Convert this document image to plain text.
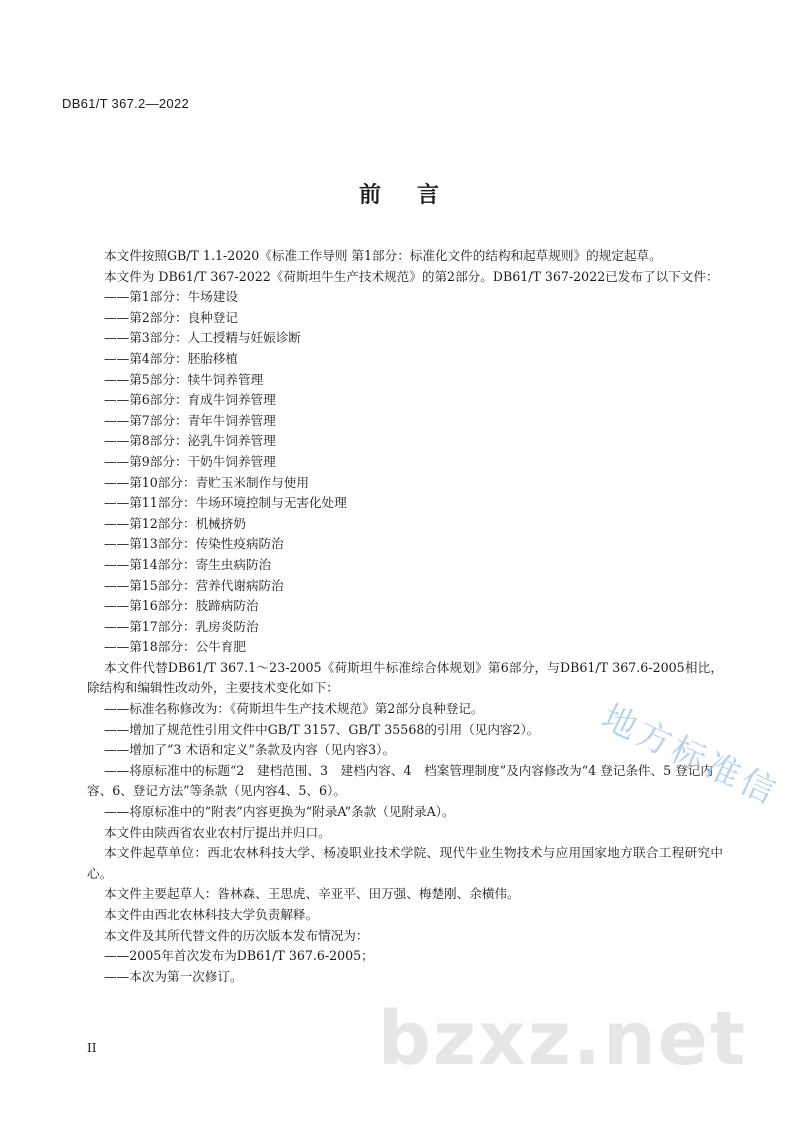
DB61/T 367.2—2022
前 言
本文件按照GB/T 1.1-2020《标准工作导则 第1部分：标准化文件的结构和起草规则》的规定起草。
本文件为 DB61/T 367-2022《荷斯坦牛生产技术规范》的第2部分。DB61/T 367-2022已发布了以下文件：
——第1部分：牛场建设
——第2部分：良种登记
——第3部分：人工授精与妊娠诊断
——第4部分：胚胎移植
——第5部分：犊牛饲养管理
——第6部分：育成牛饲养管理
——第7部分：青年牛饲养管理
——第8部分：泌乳牛饲养管理
——第9部分：干奶牛饲养管理
——第10部分：青贮玉米制作与使用
——第11部分：牛场环境控制与无害化处理
——第12部分：机械挤奶
——第13部分：传染性疫病防治
——第14部分：寄生虫病防治
——第15部分：营养代谢病防治
——第16部分：肢蹄病防治
——第17部分：乳房炎防治
——第18部分：公牛育肥
本文件代替DB61/T 367.1～23-2005《荷斯坦牛标准综合体规划》第6部分，与DB61/T 367.6-2005相比，除结构和编辑性改动外，主要技术变化如下：
——标准名称修改为：《荷斯坦牛生产技术规范》第2部分良种登记。
——增加了规范性引用文件中GB/T 3157、GB/T 35568的引用（见内容2）。
——增加了“3 术语和定义”条款及内容（见内容3）。
——将原标准中的标题“2　建档范围、3　建档内容、4　档案管理制度”及内容修改为“4 登记条件、5 登记内容、6、登记方法”等条款（见内容4、5、6）。
——将原标准中的“附表”内容更换为“附录A”条款（见附录A）。
本文件由陕西省农业农村厅提出并归口。
本文件起草单位：西北农林科技大学、杨凌职业技术学院、现代牛业生物技术与应用国家地方联合工程研究中心。
本文件主要起草人：昝林森、王思虎、辛亚平、田万强、梅楚刚、余横伟。
本文件由西北农林科技大学负责解释。
本文件及其所代替文件的历次版本发布情况为：
——2005年首次发布为DB61/T 367.6-2005；
——本次为第一次修订。
II
地方标准信
bzxz.net
